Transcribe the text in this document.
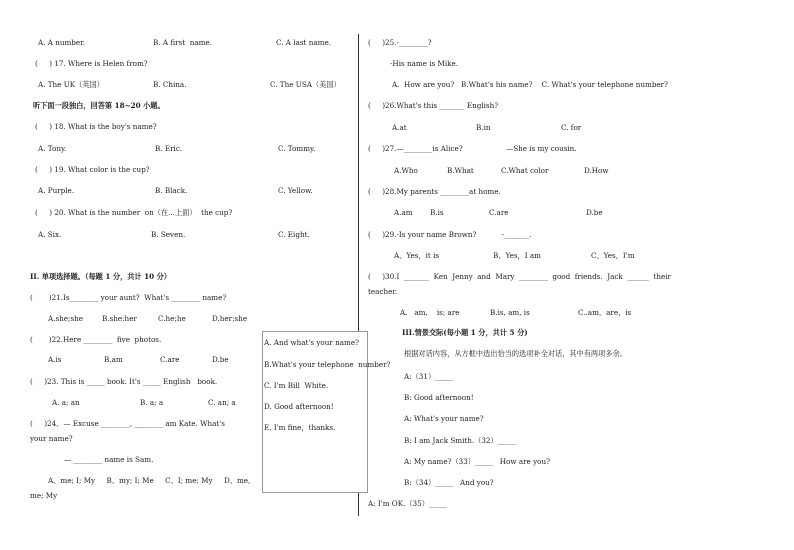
A. A number.	B. A first  name.	C. A last name.
(     ) 17. Where is Helen from?
A. The UK（英国）	B. China.	C. The USA（美国）
听下面一段独白，回答第 18~20 小题。
(     ) 18. What is the boy's name?
A. Tony.	B. Eric.	C. Tommy.
(     ) 19. What color is the cup?
A. Purple.	B. Black.	C. Yellow.
(     ) 20. What is the number  on（在...上面）  the cup?
A. Six.	B. Seven.	C. Eight.
II. 单项选择题。（每题 1 分，共计 10 分）
(       )21.Is________ your aunt?  What's ________ name?
A.she;she	B.she;her	C.he;he	D.her;she
(       )22.Here ________  five  photos.
A.is	B.am	C.are	D.be
(     )23. This is _____ book. It's _____ English   book.
A. a; an	B. a; a	C. an; a
(     )24、— Excuse ________, ________ am Kate. What's
your name?
— ________ name is Sam.
A、me; I; My     B、my; I; Me     C、I; me; My     D、me,
me; My
A. And what's your name?
B.What's your telephone  number?
C. I'm Bill  White.
D. Good afternoon!
E. I'm fine，thanks.
(     )25.-________?
-His name is Mike.
A.  How are you?   B.What's his name?    C. What's your telephone number?
(     )26.What's this _______ English?
A.at	B.in	C. for
(     )27.—________is Alice?                   —She is my cousin.
A.Who	B.What	C.What color	D.How
(     )28.My parents ________at home.
A.am B.is	C.are	D.be
(     )29.-Is your name Brown?           -_______.
A、Yes，it is	B、Yes，I am	C、Yes，I'm
(     )30.I  _______  Ken  Jenny  and  Mary  ________  good  friends.  Jack  ______  their
teacher.
A.   am,    is; are	B.is, am, is	C..am，are，is
III.情景交际(每小题 1 分，共计 5 分)
根据对话内容，从方框中选出恰当的选项补全对话，其中有两项多余。
A:（31）_____
B: Good afternoon!
A: What's your name?
B: I am Jack Smith.（32）_____
A: My name?（33）_____   How are you?
B:（34）_____   And you?
A: I'm OK.（35）_____
